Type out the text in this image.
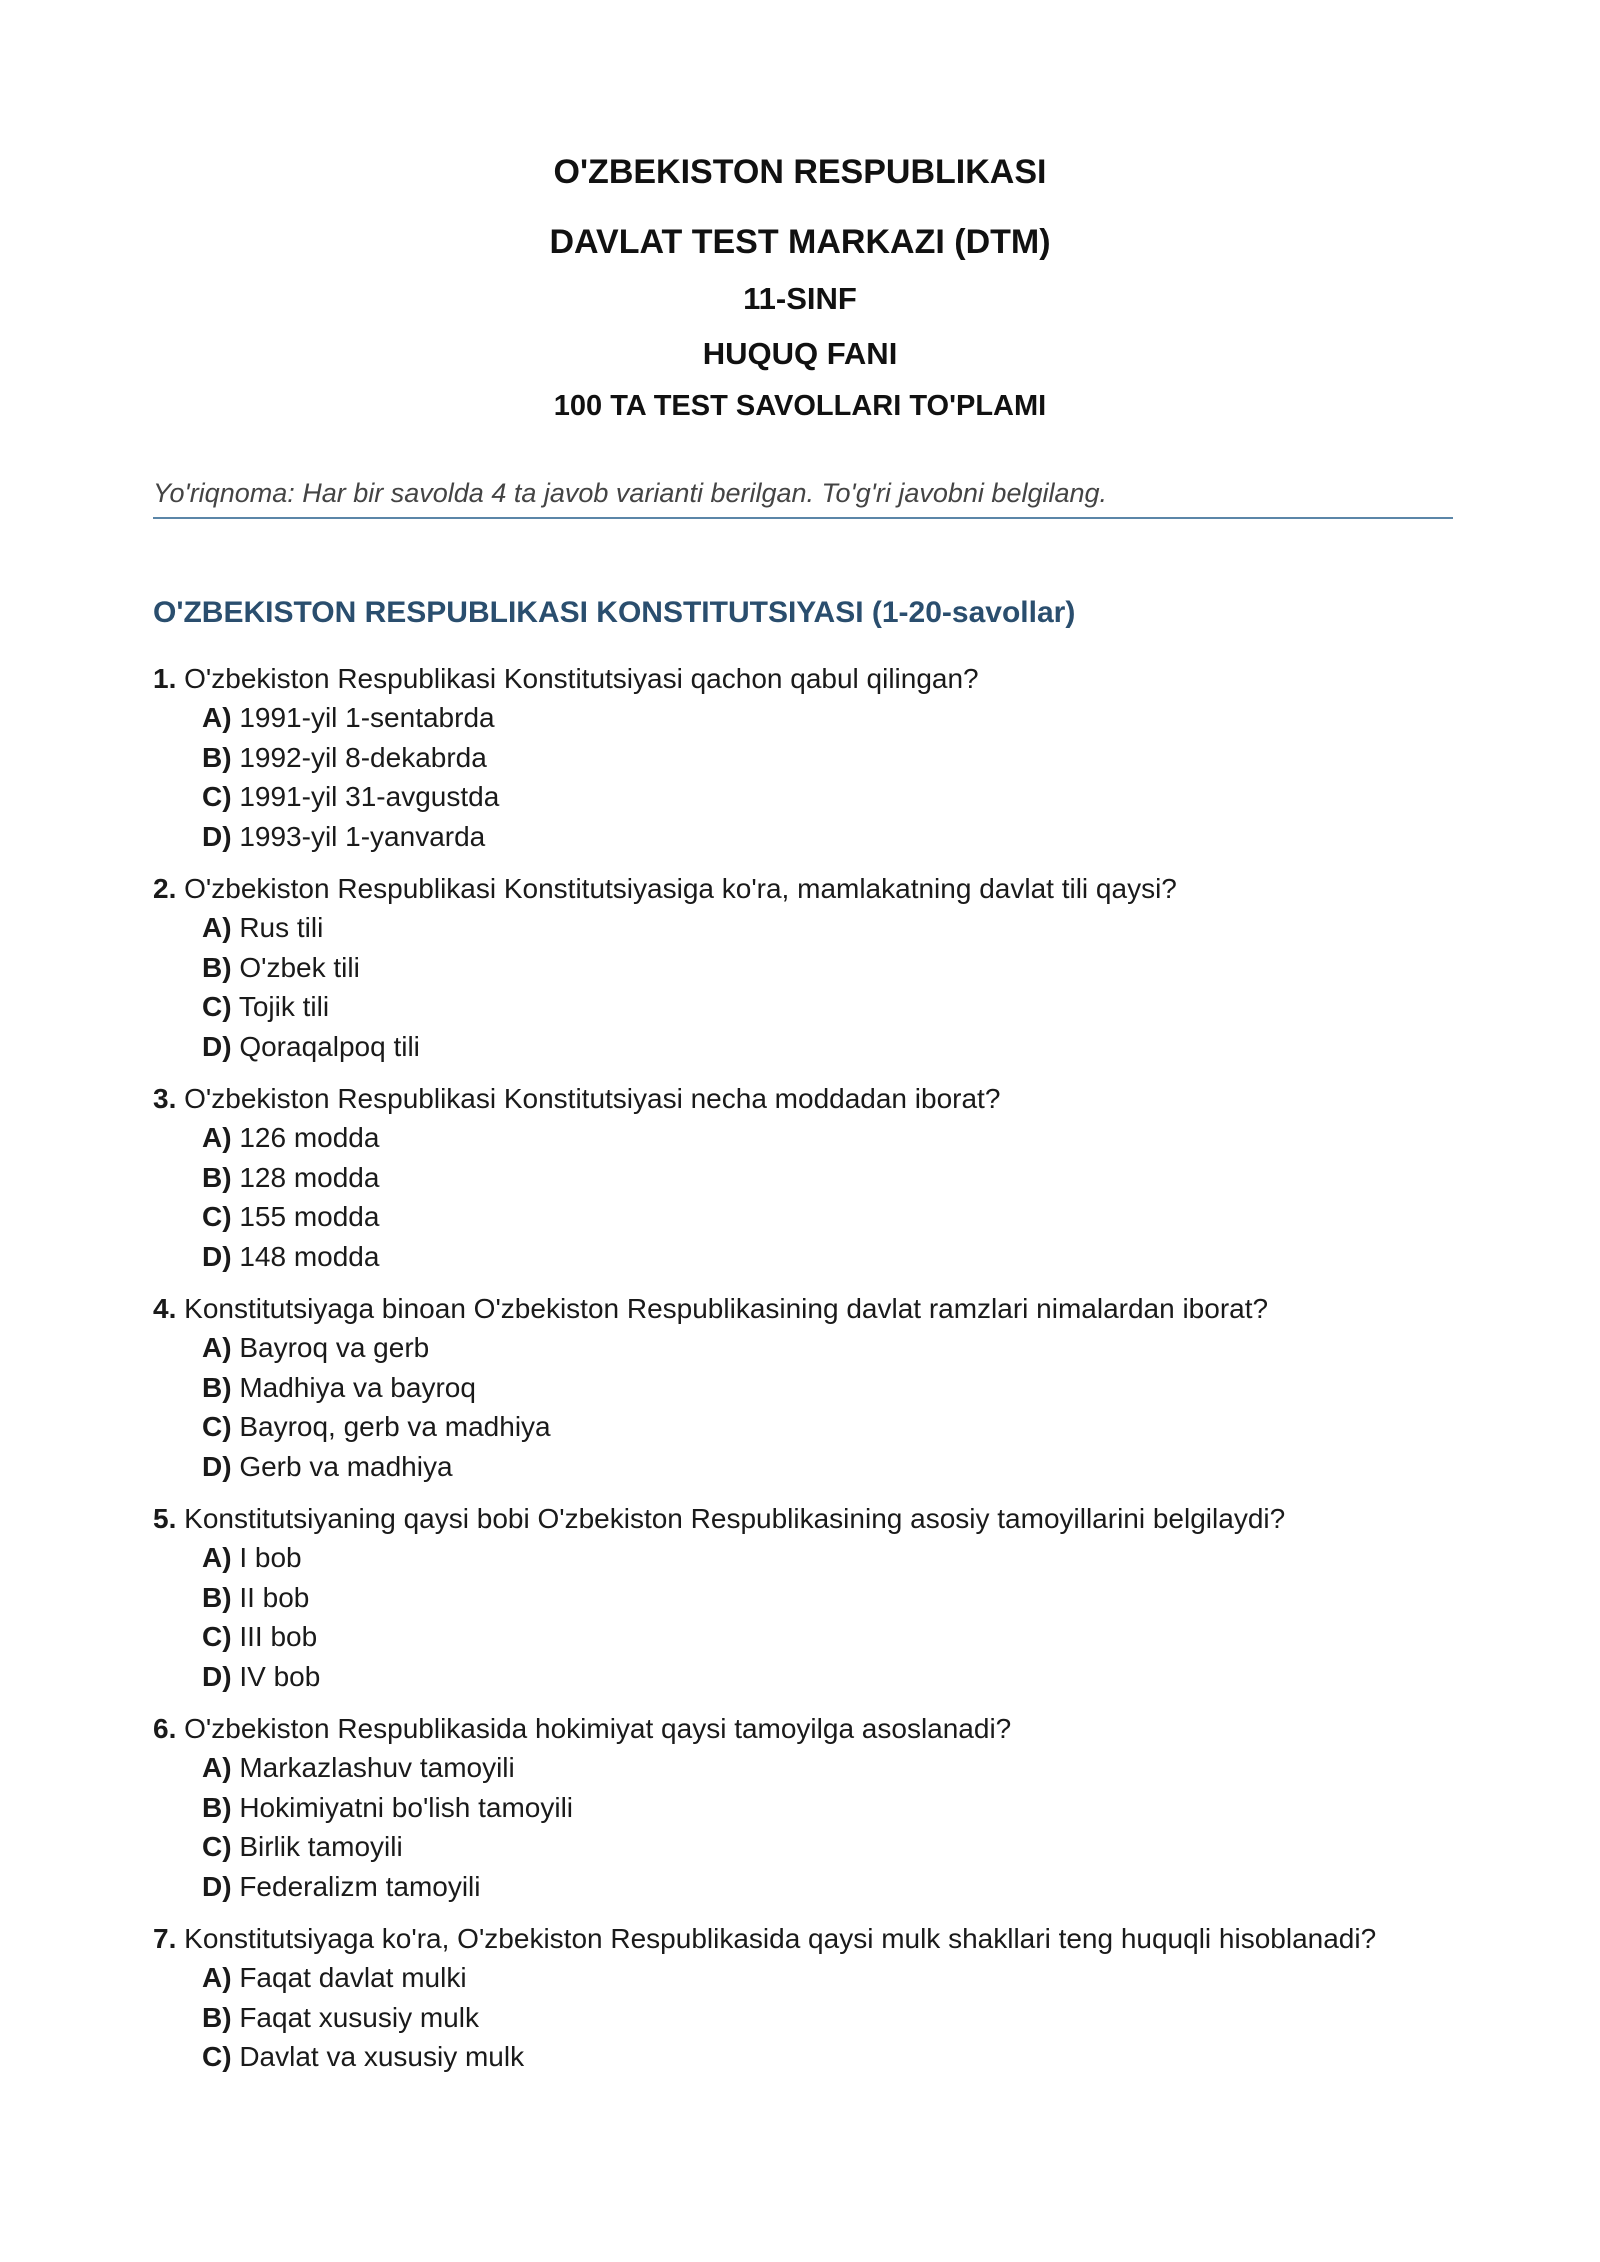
O'ZBEKISTON RESPUBLIKASI
DAVLAT TEST MARKAZI (DTM)
11-SINF
HUQUQ FANI
100 TA TEST SAVOLLARI TO'PLAMI
Yo'riqnoma: Har bir savolda 4 ta javob varianti berilgan. To'g'ri javobni belgilang.
O'ZBEKISTON RESPUBLIKASI KONSTITUTSIYASI (1-20-savollar)
1. O'zbekiston Respublikasi Konstitutsiyasi qachon qabul qilingan?
A) 1991-yil 1-sentabrda
B) 1992-yil 8-dekabrda
C) 1991-yil 31-avgustda
D) 1993-yil 1-yanvarda
2. O'zbekiston Respublikasi Konstitutsiyasiga ko'ra, mamlakatning davlat tili qaysi?
A) Rus tili
B) O'zbek tili
C) Tojik tili
D) Qoraqalpoq tili
3. O'zbekiston Respublikasi Konstitutsiyasi necha moddadan iborat?
A) 126 modda
B) 128 modda
C) 155 modda
D) 148 modda
4. Konstitutsiyaga binoan O'zbekiston Respublikasining davlat ramzlari nimalardan iborat?
A) Bayroq va gerb
B) Madhiya va bayroq
C) Bayroq, gerb va madhiya
D) Gerb va madhiya
5. Konstitutsiyaning qaysi bobi O'zbekiston Respublikasining asosiy tamoyillarini belgilaydi?
A) I bob
B) II bob
C) III bob
D) IV bob
6. O'zbekiston Respublikasida hokimiyat qaysi tamoyilga asoslanadi?
A) Markazlashuv tamoyili
B) Hokimiyatni bo'lish tamoyili
C) Birlik tamoyili
D) Federalizm tamoyili
7. Konstitutsiyaga ko'ra, O'zbekiston Respublikasida qaysi mulk shakllari teng huquqli hisoblanadi?
A) Faqat davlat mulki
B) Faqat xususiy mulk
C) Davlat va xususiy mulk
